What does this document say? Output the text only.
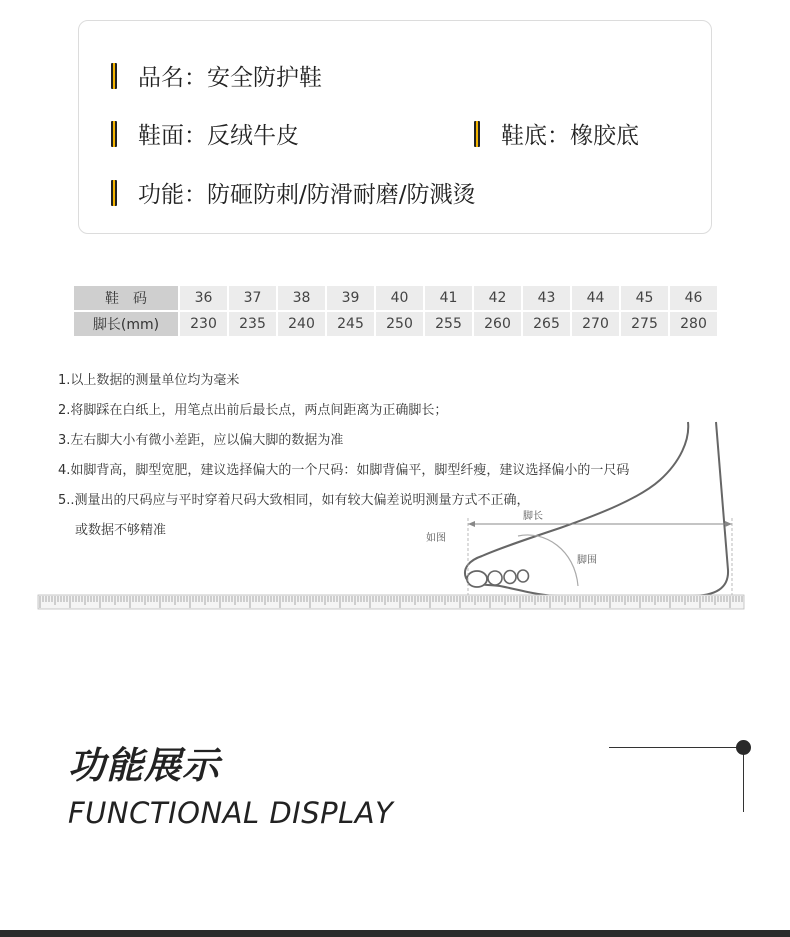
品名：安全防护鞋
鞋面：反绒牛皮	鞋底：橡胶底
功能：防砸防刺/防滑耐磨/防溅烫
鞋　码	36	37	38	39	40	41	42	43	44	45	46
脚长(mm)	230	235	240	245	250	255	260	265	270	275	280
脚长
如图
脚围
1.以上数据的测量单位均为毫米
2.将脚踩在白纸上，用笔点出前后最长点，两点间距离为正确脚长；
3.左右脚大小有微小差距，应以偏大脚的数据为准
4.如脚背高，脚型宽肥，建议选择偏大的一个尺码：如脚背偏平，脚型纤瘦，建议选择偏小的一尺码
5..测量出的尺码应与平时穿着尺码大致相同，如有较大偏差说明测量方式不正确，
或数据不够精准
功能展示
FUNCTIONAL DISPLAY
